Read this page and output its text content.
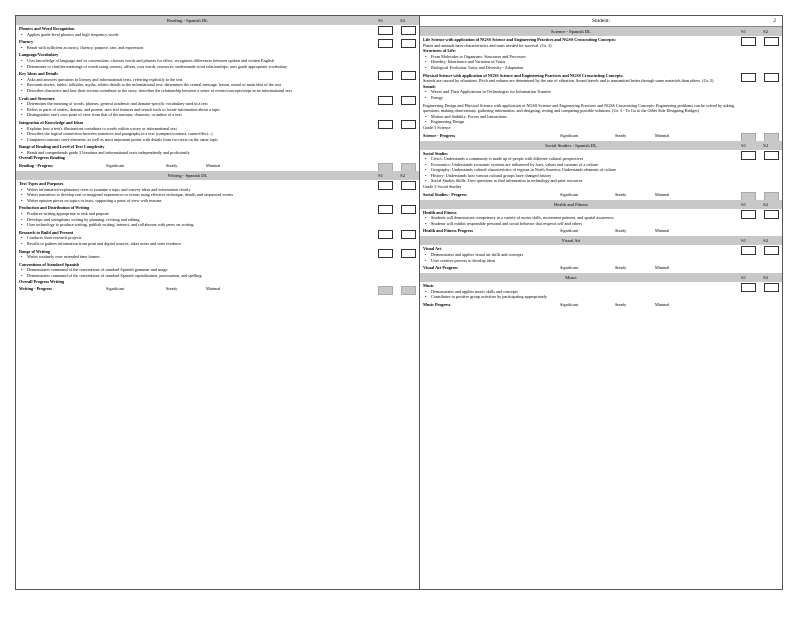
Reading - Spanish DL	S1	S2
Phonics and Word Recognition
• Applies grade-level phonics and high frequency words
Fluency
• Reads with sufficient accuracy, fluency, purpose, rate, and expression
Language/Vocabulary
• Uses knowledge of language and its conventions; chooses words and phrases for effect, recognizes differences between spoken and written English
• Determines or clarifies meanings of words using context, affixes, root words, resources; understands word relationships; uses grade appropriate vocabulary
Key Ideas and Details
• Asks and answers questions in literary and informational texts, referring explicitly to the text
• Recounts stories, fables, folktales, myths; relates details to the informational text; determines the central message, lesson, moral or main idea of the text
• Describes characters and how their actions contribute to the story; describes the relationship between a series of events/concepts/steps in an informational text
Craft and Structure
• Determines the meaning of words, phrases, general academic and domain-specific vocabulary used in a text
• Refers to parts of stories, dramas, and poems; uses text features and search tools to locate information about a topic
• Distinguishes one's own point of view from that of the narrator, character, or author of a text
Integration of Knowledge and Ideas
• Explains how a text's illustrations contribute to words within a story or informational text
• Describes the logical connection between sentences and paragraphs in a text (compare/contrast, cause/effect...)
• Compares/contrasts story elements, as well as most important points with details from two texts on the same topic
Range of Reading and Level of Text Complexity
• Reads and comprehends grade 3 literature and informational texts independently and proficiently
Overall Progress Reading
Reading - Progress	Significant	Steady	Minimal
Writing - Spanish DL	S1	S2
Text Types and Purposes
• Writes informative/explanatory texts to examine a topic and convey ideas and information clearly
• Writes narratives to develop real or imagined experiences or events using effective technique, details and sequenced events
• Writes opinion pieces on topics or texts, supporting a point of view with reasons
Production and Distribution of Writing
• Produces writing appropriate to task and purpose
• Develops and strengthens writing by planning, revising and editing
• Uses technology to produce writing, publish writing, interact, and collaborate with peers on writing
Research to Build and Present
• Conducts short research projects
• Recalls or gathers information from print and digital sources; takes notes and sorts evidence
Range of Writing
• Writes routinely over extended time frames
Conventions of Standard Spanish
• Demonstrates command of the conventions of standard Spanish grammar and usage
• Demonstrates command of the conventions of standard Spanish capitalization, punctuation, and spelling
Overall Progress Writing
Writing - Progress	Significant	Steady	Minimal
Student:	2
Science - Spanish DL	S1	S2
Life Science with application of NGSS Science and Engineering Practices and NGSS Crosscutting Concepts:
Plants and animals have characteristics and traits needed for survival. (Gr. 3)
Structures of Life:
• From Molecules to Organisms: Structures and Processes
• Heredity: Inheritance and Variation of Traits
• Biological Evolution: Unity and Diversity - Adaptation
Physical Science with application of NGSS Science and Engineering Practices and NGSS Crosscutting Concepts:
Sounds are caused by vibrations. Pitch and volume are determined by the rate of vibration. Sound travels and is transmitted better through some materials than others. (Gr. 3)
Sound:
• Waves and Their Applications in Technologies for Information Transfer
• Energy
Engineering Design and Physical Science with application of NGSS Science and Engineering Practices and NGSS Crosscutting Concepts: Engineering problems can be solved by asking questions, making observations, gathering information, and designing, testing and comparing possible solutions. (Gr. 3 - To Go to the Other Side Designing Bridges)
• Motion and Stability: Forces and Interactions
• Engineering Design
Grade 3 Science
Science - Progress	Significant	Steady	Minimal
Social Studies - Spanish DL	S1	S2
Social Studies
• Civics: Understands a community is made up of people with different cultural perspectives
• Economics: Understands economic systems are influenced by laws, values and customs of a culture
• Geography: Understands cultural characteristics of regions in North America; Understands elements of culture
• History: Understands how various cultural groups have changed history
• Social Studies Skills: Uses questions to find information in technology and print resources
Grade 3 Social Studies
Social Studies - Progress	Significant	Steady	Minimal
Health and Fitness	S1	S2
Health and Fitness
• Students will demonstrate competency in a variety of motor skills, movement patterns, and spatial awareness
• Students will exhibit responsible personal and social behavior that respects self and others
Health and Fitness Progress	Significant	Steady	Minimal
Visual Art	S1	S2
Visual Art
• Demonstrates and applies visual art skills and concepts
• Uses creative process to develop ideas
Visual Art Progress	Significant	Steady	Minimal
Music	S1	S2
Music
• Demonstrates and applies music skills and concepts
• Contributes to positive group activities by participating appropriately
Music Progress	Significant	Steady	Minimal
